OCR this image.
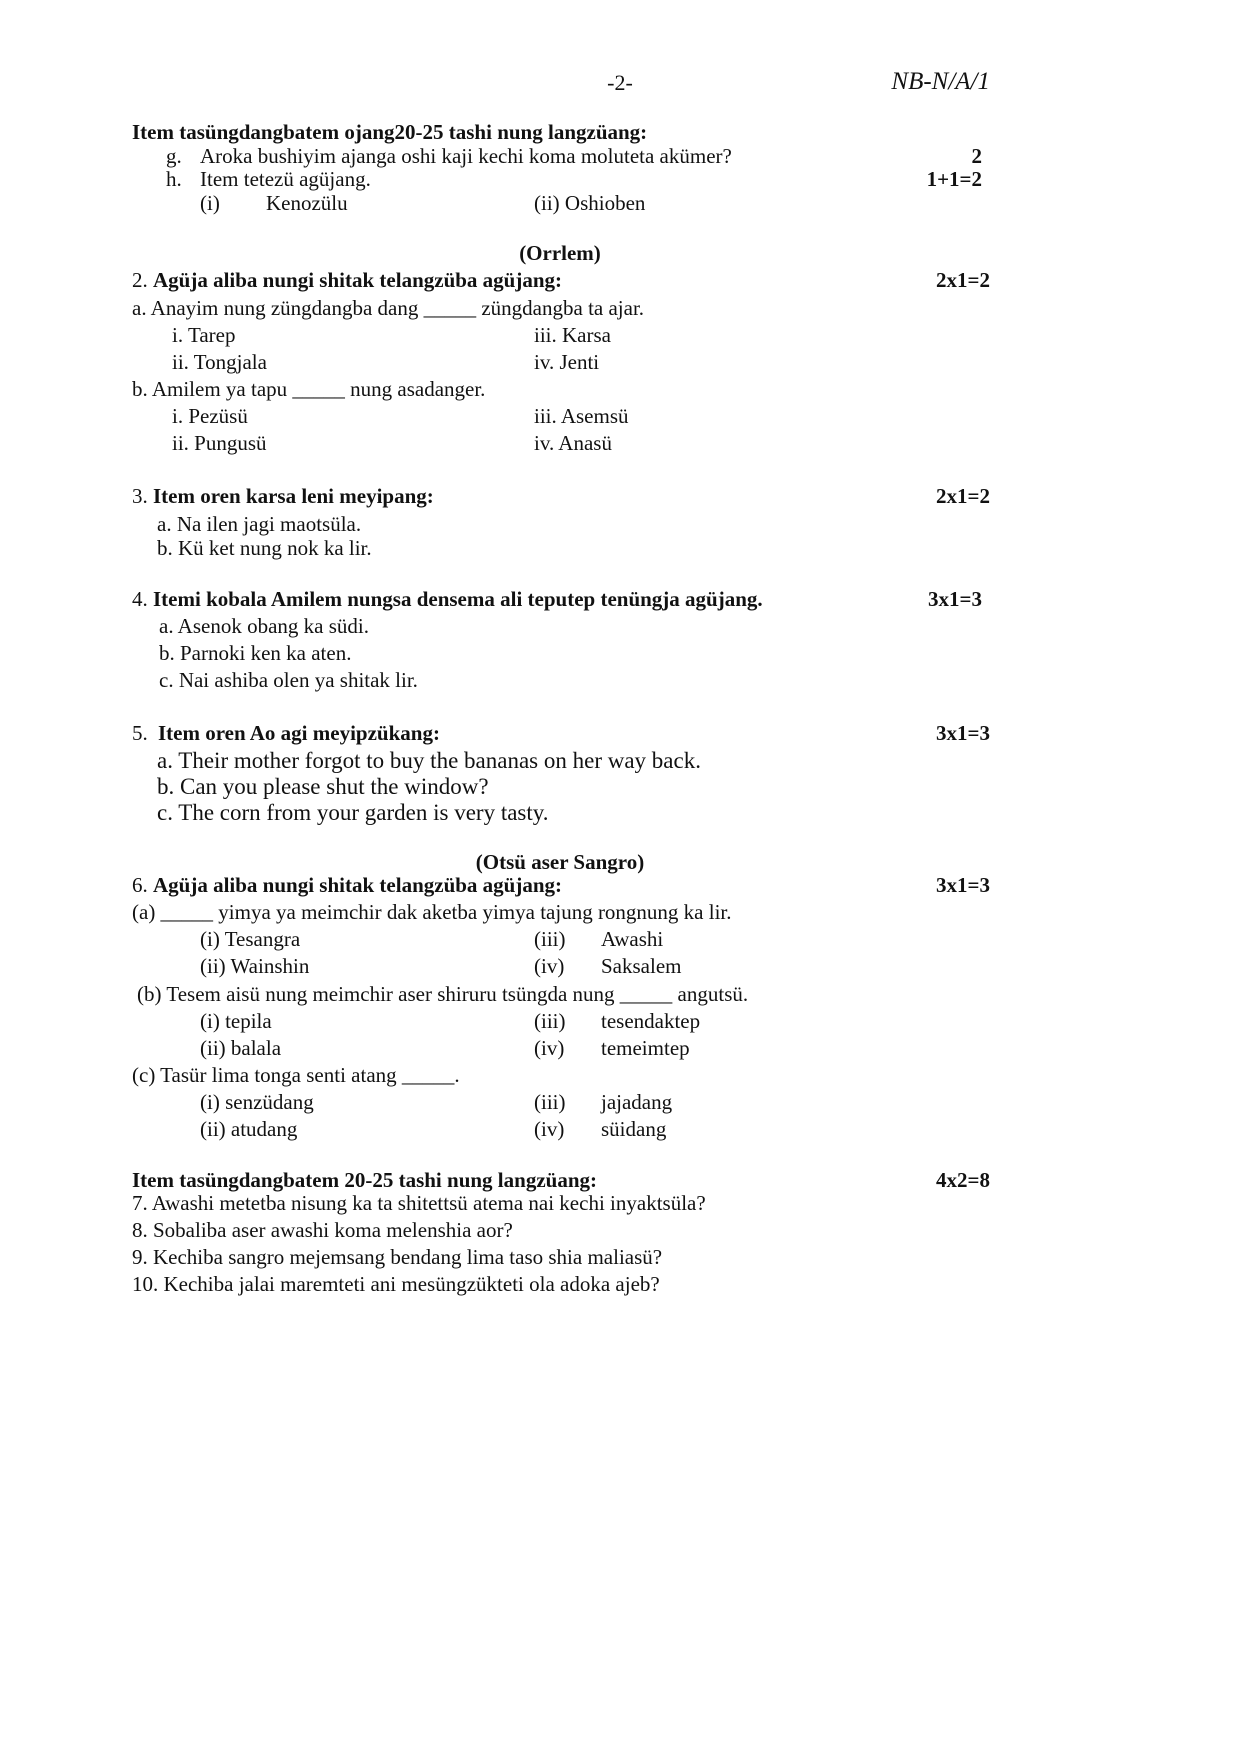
-2-	NB-N/A/1
Item tasüngdangbatem ojang20-25 tashi nung langzüang:
g. Aroka bushiyim ajanga oshi kaji kechi koma moluteta akümer?	2
h. Item tetezü agüjang.	1+1=2
(i) Kenozülu	(ii) Oshioben
(Orrlem)
2. Agüja aliba nungi shitak telangzüba agüjang:	2x1=2
a. Anayim nung züngdangba dang _____ züngdangba ta ajar.
i. Tarep	iii. Karsa
ii. Tongjala	iv. Jenti
b. Amilem ya tapu _____ nung asadanger.
i. Pezüsü	iii. Asemsü
ii. Pungusü	iv. Anasü
3. Item oren karsa leni meyipang:	2x1=2
a. Na ilen jagi maotsüla.
b. Kü ket nung nok ka lir.
4. Itemi kobala Amilem nungsa densema ali teputep tenüngja agüjang.	3x1=3
a. Asenok obang ka südi.
b. Parnoki ken ka aten.
c. Nai ashiba olen ya shitak lir.
5. Item oren Ao agi meyipzükang:	3x1=3
a. Their mother forgot to buy the bananas on her way back.
b. Can you please shut the window?
c. The corn from your garden is very tasty.
(Otsü aser Sangro)
6. Agüja aliba nungi shitak telangzüba agüjang:	3x1=3
(a) _____ yimya ya meimchir dak aketba yimya tajung rongnung ka lir.
(i) Tesangra	(iii) Awashi
(ii) Wainshin	(iv) Saksalem
(b) Tesem aisü nung meimchir aser shiruru tsüngda nung _____ angutsü.
(i) tepila	(iii) tesendaktep
(ii) balala	(iv) temeimtep
(c) Tasür lima tonga senti atang _____.
(i) senzüdang	(iii) jajadang
(ii) atudang	(iv) süidang
Item tasüngdangbatem 20-25 tashi nung langzüang:	4x2=8
7. Awashi metetba nisung ka ta shitettsü atema nai kechi inyaktsüla?
8. Sobaliba aser awashi koma melenshia aor?
9. Kechiba sangro mejemsang bendang lima taso shia maliasü?
10. Kechiba jalai maremteti ani mesüngzükteti ola adoka ajeb?
